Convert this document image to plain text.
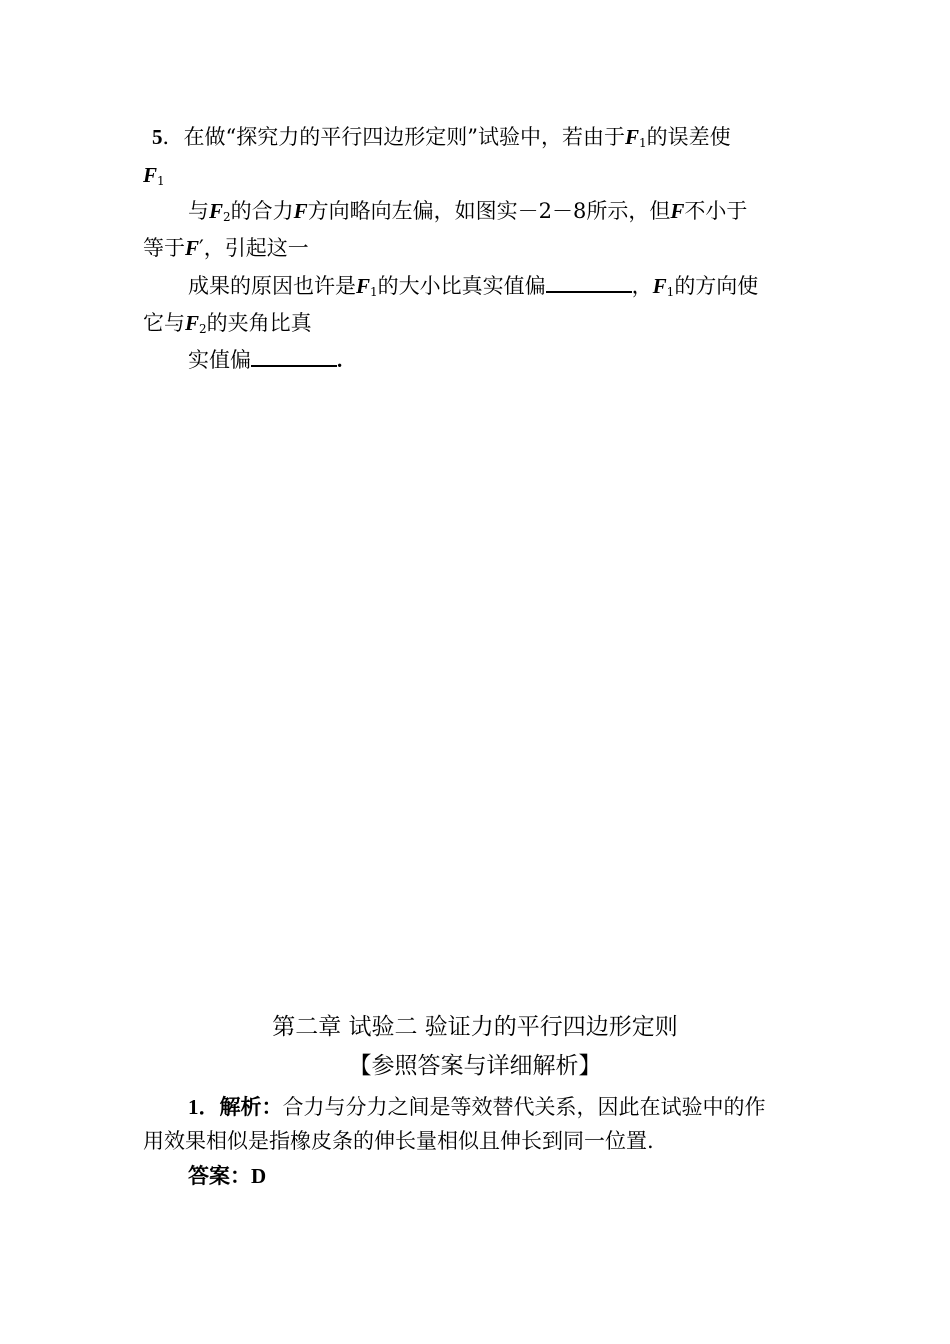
5．在做“探究力的平行四边形定则”试验中，若由于$F_1$的误差使
$F_1$
与$F_2$的合力F方向略向左偏，如图实－2－8所示，但F不小于
等于F′，引起这一
成果的原因也许是$F_1$的大小比真实值偏	，$F_1$的方向使
它与$F_2$的夹角比真
实值偏	.
第二章 试验二 验证力的平行四边形定则
【参照答案与详细解析】
1．解析：合力与分力之间是等效替代关系，因此在试验中的作
用效果相似是指橡皮条的伸长量相似且伸长到同一位置.
答案：D
